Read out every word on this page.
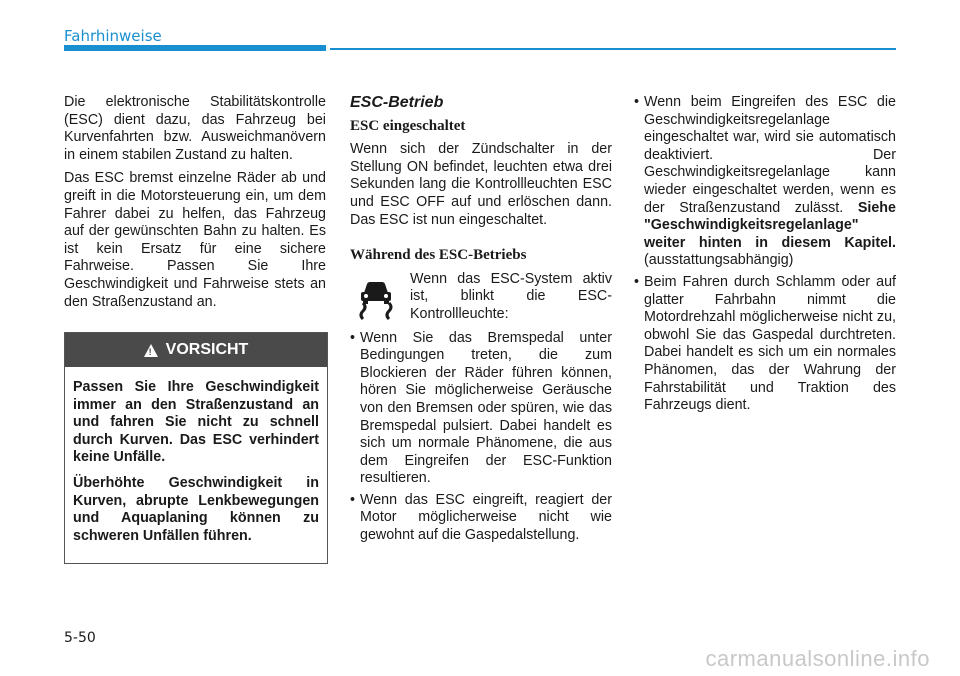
Fahrhinweise

Die elektronische Stabilitätskontrolle (ESC) dient dazu, das Fahrzeug bei Kurvenfahrten bzw. Ausweichmanövern in einem stabilen Zustand zu halten.

Das ESC bremst einzelne Räder ab und greift in die Motorsteuerung ein, um dem Fahrer dabei zu helfen, das Fahrzeug auf der gewünschten Bahn zu halten. Es ist kein Ersatz für eine sichere Fahrweise. Passen Sie Ihre Geschwindigkeit und Fahrweise stets an den Straßenzustand an.

! VORSICHT

Passen Sie Ihre Geschwindigkeit immer an den Straßenzustand an und fahren Sie nicht zu schnell durch Kurven. Das ESC verhindert keine Unfälle.

Überhöhte Geschwindigkeit in Kurven, abrupte Lenkbewegungen und Aquaplaning können zu schweren Unfällen führen.

ESC-Betrieb
ESC eingeschaltet

Wenn sich der Zündschalter in der Stellung ON befindet, leuchten etwa drei Sekunden lang die Kontrollleuchten ESC und ESC OFF auf und erlöschen dann. Das ESC ist nun eingeschaltet.

Während des ESC-Betriebs
Wenn das ESC-System aktiv ist, blinkt die ESC-Kontrollleuchte:
• Wenn Sie das Bremspedal unter Bedingungen treten, die zum Blockieren der Räder führen können, hören Sie möglicherweise Geräusche von den Bremsen oder spüren, wie das Bremspedal pulsiert. Dabei handelt es sich um normale Phänomene, die aus dem Eingreifen der ESC-Funktion resultieren.
• Wenn das ESC eingreift, reagiert der Motor möglicherweise nicht wie gewohnt auf die Gaspedalstellung.
• Wenn beim Eingreifen des ESC die Geschwindigkeitsregelanlage eingeschaltet war, wird sie automatisch deaktiviert. Der Geschwindigkeitsregelanlage kann wieder eingeschaltet werden, wenn es der Straßenzustand zulässt. Siehe "Geschwindigkeitsregelanlage" weiter hinten in diesem Kapitel. (ausstattungsabhängig)
• Beim Fahren durch Schlamm oder auf glatter Fahrbahn nimmt die Motordrehzahl möglicherweise nicht zu, obwohl Sie das Gaspedal durchtreten. Dabei handelt es sich um ein normales Phänomen, das der Wahrung der Fahrstabilität und Traktion des Fahrzeugs dient.
5-50
carmanualsonline.info
